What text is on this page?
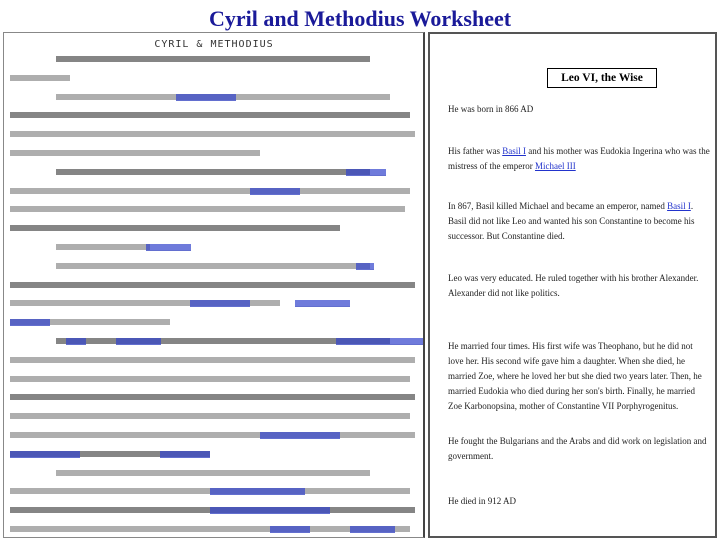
Cyril and Methodius Worksheet
CYRIL & METHODIUS
Leo VI, the Wise
He was born in 866 AD
His father was Basil I and his mother was Eudokia Ingerina who was the mistress of the emperor Michael III
In 867, Basil killed Michael and became an emperor, named Basil I. Basil did not like Leo and wanted his son Constantine to become his successor. But Constantine died.
Leo was very educated. He ruled together with his brother Alexander. Alexander did not like politics.
He married four times. His first wife was Theophano, but he did not love her. His second wife gave him a daughter. When she died, he married Zoe, where he loved her but she died two years later. Then, he married Eudokia who died during her son's birth. Finally, he married Zoe Karbonopsina, mother of Constantine VII Porphyrogenitus.
He fought the Bulgarians and the Arabs and did work on legislation and government.
He died in 912 AD
